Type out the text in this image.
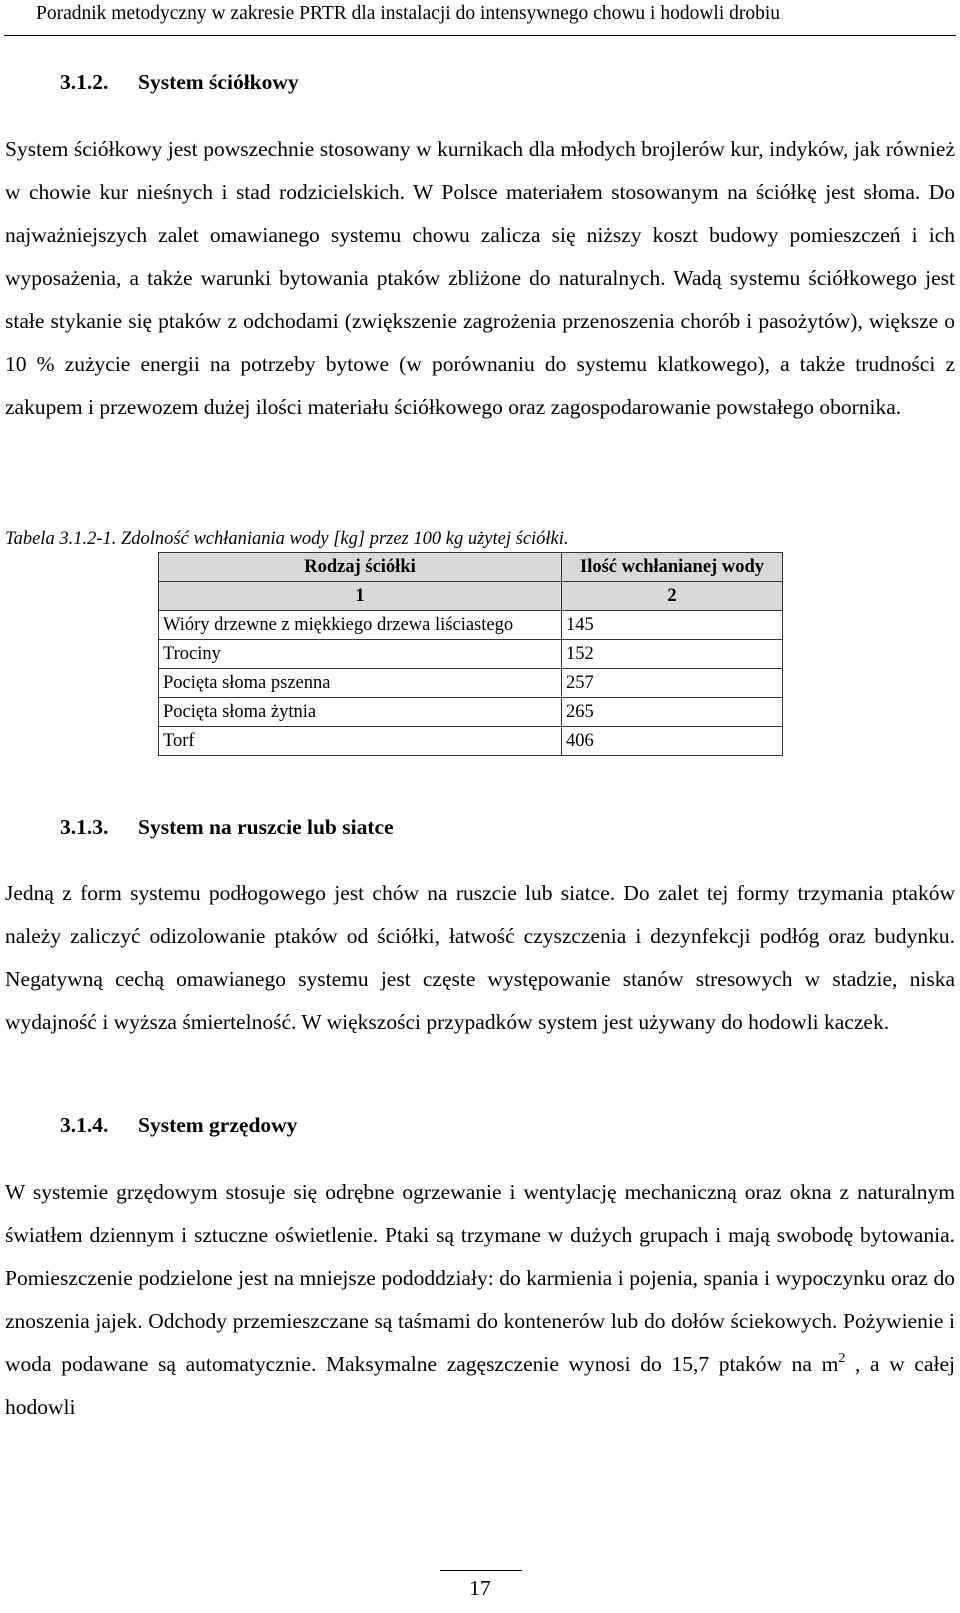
Poradnik metodyczny w zakresie PRTR dla instalacji do intensywnego chowu i hodowli drobiu
3.1.2. System ściółkowy

System ściółkowy jest powszechnie stosowany w kurnikach dla młodych brojlerów kur, indyków, jak również w chowie kur nieśnych i stad rodzicielskich. W Polsce materiałem stosowanym na ściółkę jest słoma. Do najważniejszych zalet omawianego systemu chowu zalicza się niższy koszt budowy pomieszczeń i ich wyposażenia, a także warunki bytowania ptaków zbliżone do naturalnych. Wadą systemu ściółkowego jest stałe stykanie się ptaków z odchodami (zwiększenie zagrożenia przenoszenia chorób i pasożytów), większe o 10 % zużycie energii na potrzeby bytowe (w porównaniu do systemu klatkowego), a także trudności z zakupem i przewozem dużej ilości materiału ściółkowego oraz zagospodarowanie powstałego obornika.

Tabela 3.1.2-1. Zdolność wchłaniania wody [kg] przez 100 kg użytej ściółki.
Rodzaj ściółki	Ilość wchłanianej wody
1	2
Wióry drzewne z miękkiego drzewa liściastego	145
Trociny	152
Pocięta słoma pszenna	257
Pocięta słoma żytnia	265
Torf	406
3.1.3. System na ruszcie lub siatce

Jedną z form systemu podłogowego jest chów na ruszcie lub siatce. Do zalet tej formy trzymania ptaków należy zaliczyć odizolowanie ptaków od ściółki, łatwość czyszczenia i dezynfekcji podłóg oraz budynku. Negatywną cechą omawianego systemu jest częste występowanie stanów stresowych w stadzie, niska wydajność i wyższa śmiertelność. W większości przypadków system jest używany do hodowli kaczek.

3.1.4. System grzędowy

W systemie grzędowym stosuje się odrębne ogrzewanie i wentylację mechaniczną oraz okna z naturalnym światłem dziennym i sztuczne oświetlenie. Ptaki są trzymane w dużych grupach i mają swobodę bytowania. Pomieszczenie podzielone jest na mniejsze pododdziały: do karmienia i pojenia, spania i wypoczynku oraz do znoszenia jajek. Odchody przemieszczane są taśmami do kontenerów lub do dołów ściekowych. Pożywienie i woda podawane są automatycznie. Maksymalne zagęszczenie wynosi do 15,7 ptaków na $m^2$ , a w całej hodowli

17
